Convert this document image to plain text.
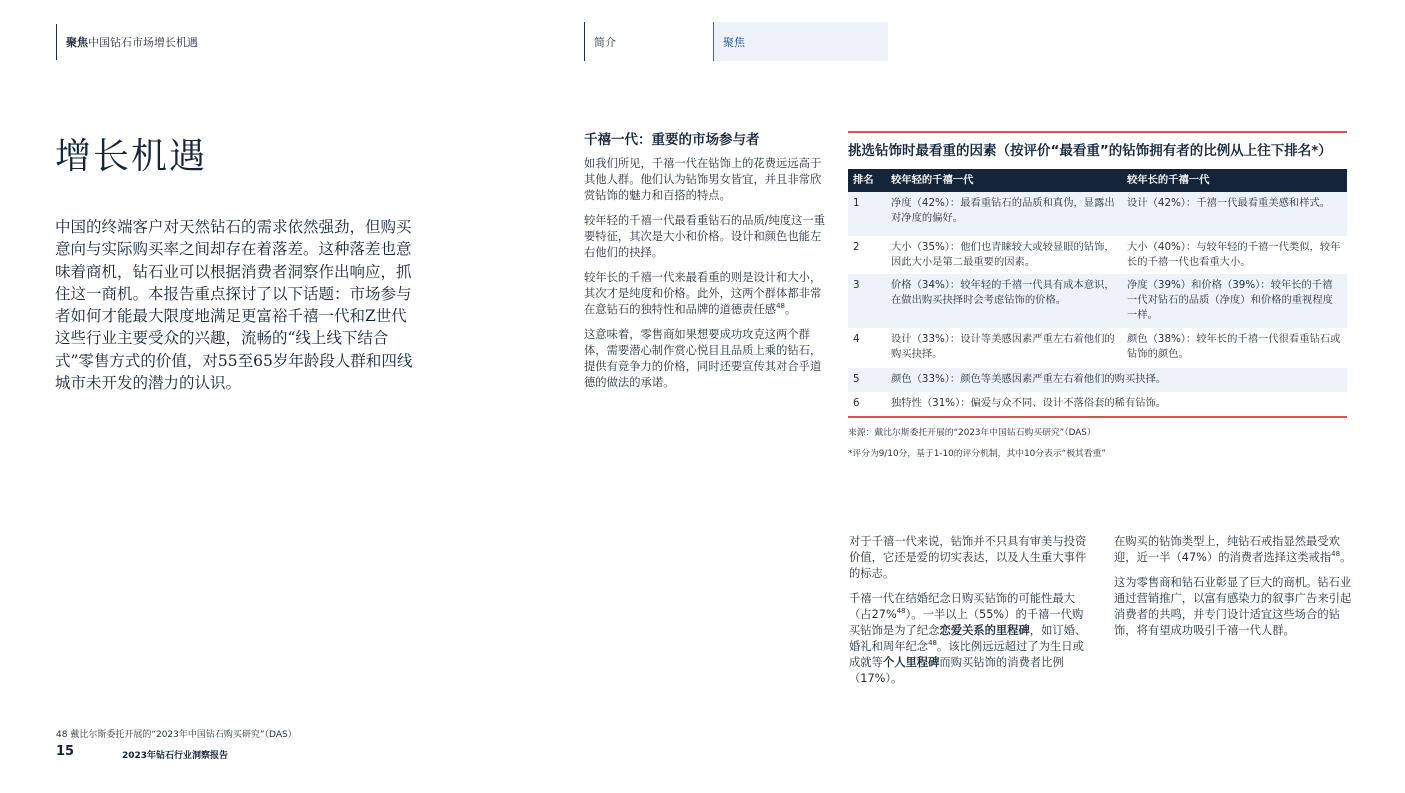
聚焦 中国钻石市场增长机遇	简介	聚焦
增长机遇

中国的终端客户对天然钻石的需求依然强劲，但购买意向与实际购买率之间却存在着落差。这种落差也意味着商机，钻石业可以根据消费者洞察作出响应，抓住这一商机。本报告重点探讨了以下话题：市场参与者如何才能最大限度地满足更富裕千禧一代和Z世代这些行业主要受众的兴趣，流畅的“线上线下结合式”零售方式的价值，对55至65岁年龄段人群和四线城市未开发的潜力的认识。

千禧一代：重要的市场参与者

如我们所见，千禧一代在钻饰上的花费远远高于其他人群。他们认为钻饰男女皆宜，并且非常欣赏钻饰的魅力和百搭的特点。

较年轻的千禧一代最看重钻石的品质/纯度这一重要特征，其次是大小和价格。设计和颜色也能左右他们的抉择。

较年长的千禧一代来最看重的则是设计和大小，其次才是纯度和价格。此外，这两个群体都非常在意钻石的独特性和品牌的道德责任感$^{48}$。

这意味着，零售商如果想要成功攻克这两个群体，需要潜心制作赏心悦目且品质上乘的钻石，提供有竞争力的价格，同时还要宣传其对合乎道德的做法的承诺。

挑选钻饰时最看重的因素（按评价“最看重”的钻饰拥有者的比例从上往下排名*）
排名	较年轻的千禧一代	较年长的千禧一代
1	净度（42%）：最看重钻石的品质和真伪，显露出对净度的偏好。	设计（42%）：千禧一代最看重美感和样式。
2	大小（35%）：他们也青睐较大或较显眼的钻饰，因此大小是第二最重要的因素。	大小（40%）：与较年轻的千禧一代类似，较年长的千禧一代也看重大小。
3	价格（34%）：较年轻的千禧一代具有成本意识，在做出购买抉择时会考虑钻饰的价格。	净度（39%）和价格（39%）：较年长的千禧一代对钻石的品质（净度）和价格的重视程度一样。
4	设计（33%）：设计等美感因素严重左右着他们的购买抉择。	颜色（38%）：较年长的千禧一代很看重钻石或钻饰的颜色。
5	颜色（33%）：颜色等美感因素严重左右着他们的购买抉择。	
6	独特性（31%）：偏爱与众不同、设计不落俗套的稀有钻饰。	
来源：戴比尔斯委托开展的“2023年中国钻石购买研究”（DAS）
*评分为9/10分，基于1-10的评分机制，其中10分表示“极其看重”

对于千禧一代来说，钻饰并不只具有审美与投资价值，它还是爱的切实表达，以及人生重大事件的标志。

千禧一代在结婚纪念日购买钻饰的可能性最大（占27%$^{48}$）。一半以上（55%）的千禧一代购买钻饰是为了纪念恋爱关系的里程碑，如订婚、婚礼和周年纪念$^{48}$。该比例远远超过了为生日或成就等个人里程碑而购买钻饰的消费者比例（17%）。

在购买的钻饰类型上，纯钻石戒指显然最受欢迎，近一半（47%）的消费者选择这类戒指$^{48}$。

这为零售商和钻石业彰显了巨大的商机。钻石业通过营销推广，以富有感染力的叙事广告来引起消费者的共鸣，并专门设计适宜这些场合的钻饰，将有望成功吸引千禧一代人群。

48 戴比尔斯委托开展的“2023年中国钻石购买研究”（DAS）
15	2023年钻石行业洞察报告
